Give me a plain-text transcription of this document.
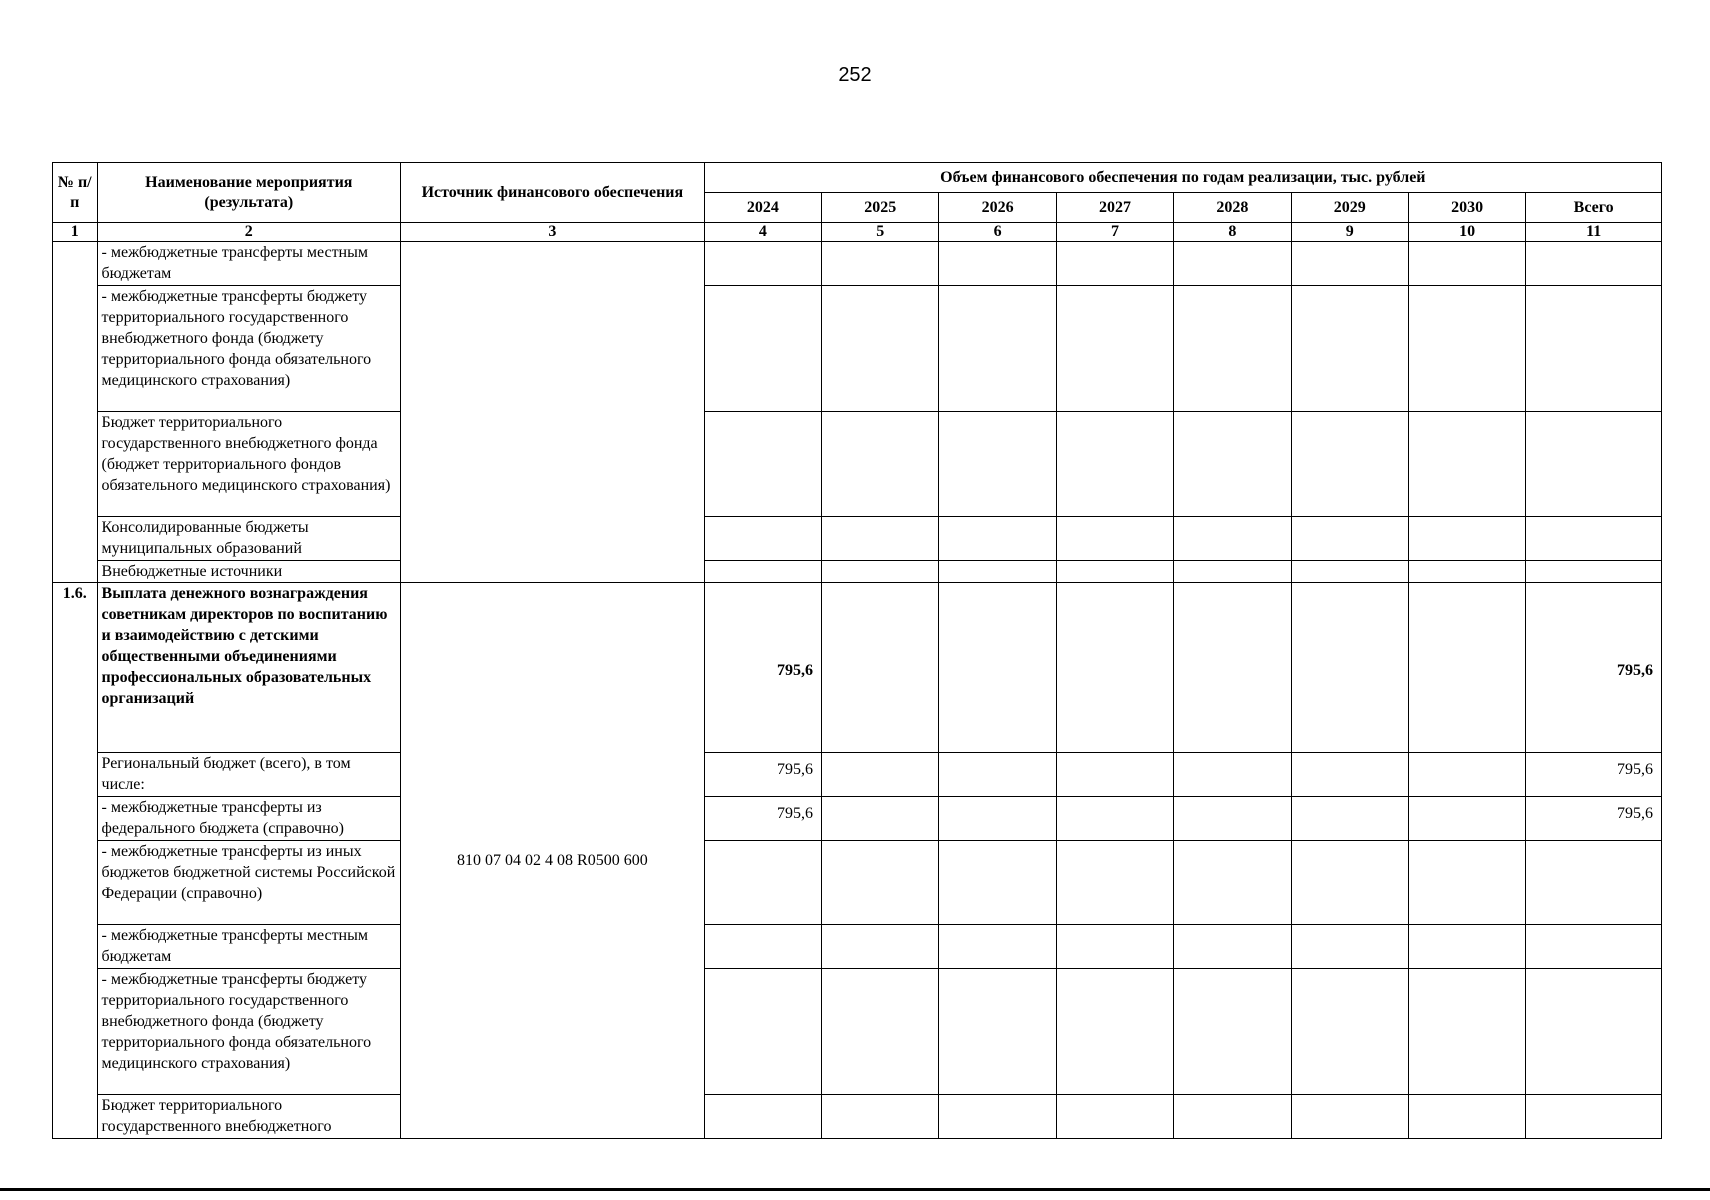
252
№ п/п	Наименование мероприятия (результата)	Источник финансового обеспечения	Объем финансового обеспечения по годам реализации, тыс. рублей							
			2024	2025	2026	2027	2028	2029	2030	Всего
1	2	3	4	5	6	7	8	9	10	11
	- межбюджетные трансферты местным бюджетам									
	- межбюджетные трансферты бюджету территориального государственного внебюджетного фонда (бюджету территориального фонда обязательного медицинского страхования)									
	Бюджет территориального государственного внебюджетного фонда (бюджет территориального фондов обязательного медицинского страхования)									
	Консолидированные бюджеты муниципальных образований									
	Внебюджетные источники									
1.6.	Выплата денежного вознаграждения советникам директоров по воспитанию и взаимодействию с детскими общественными объединениями профессиональных образовательных организаций	810 07 04 02 4 08 R0500 600	795,6							795,6
	Региональный бюджет (всего), в том числе:		795,6							795,6
	- межбюджетные трансферты из федерального бюджета (справочно)		795,6							795,6
	- межбюджетные трансферты из иных бюджетов бюджетной системы Российской Федерации (справочно)									
	- межбюджетные трансферты местным бюджетам									
	- межбюджетные трансферты бюджету территориального государственного внебюджетного фонда (бюджету территориального фонда обязательного медицинского страхования)									
	Бюджет территориального государственного внебюджетного									
